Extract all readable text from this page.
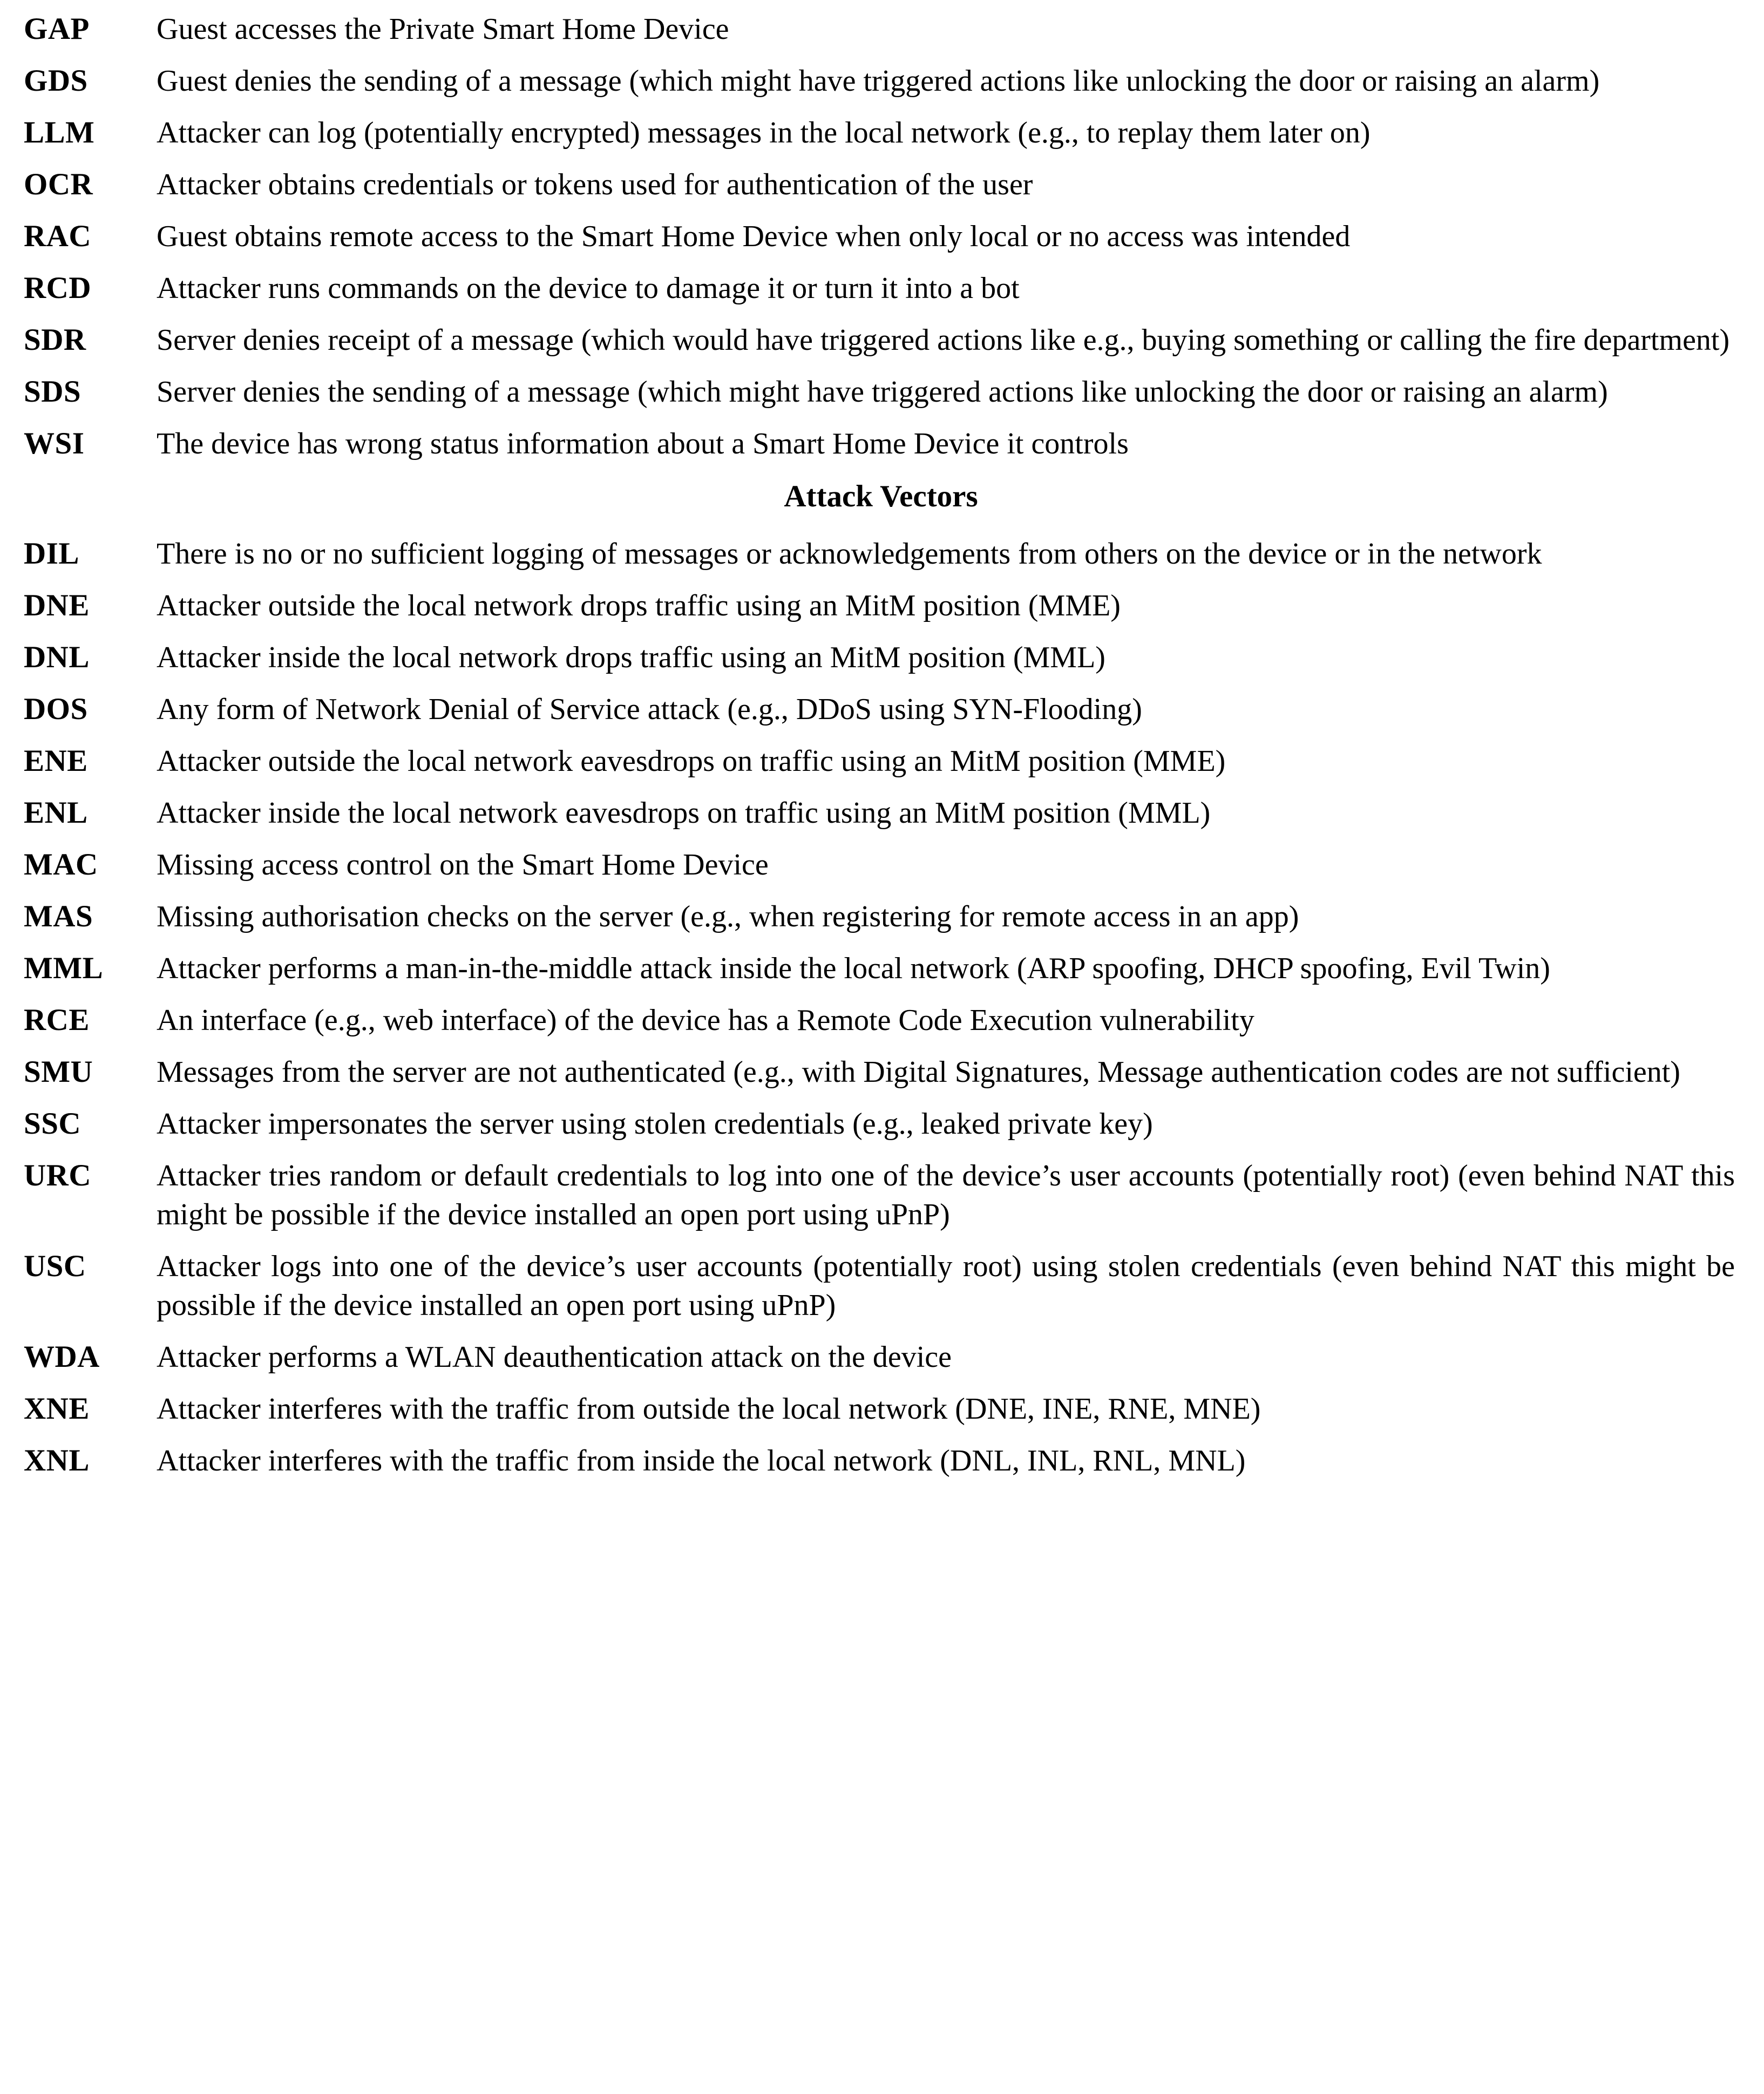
GAP	Guest accesses the Private Smart Home Device
GDS	Guest denies the sending of a message (which might have triggered actions like unlocking the door or raising an alarm)
LLM	Attacker can log (potentially encrypted) messages in the local network (e.g., to replay them later on)
OCR	Attacker obtains credentials or tokens used for authentication of the user
RAC	Guest obtains remote access to the Smart Home Device when only local or no access was intended
RCD	Attacker runs commands on the device to damage it or turn it into a bot
SDR	Server denies receipt of a message (which would have triggered actions like e.g., buying something or calling the fire department)
SDS	Server denies the sending of a message (which might have triggered actions like unlocking the door or raising an alarm)
WSI	The device has wrong status information about a Smart Home Device it controls
Attack Vectors
DIL	There is no or no sufficient logging of messages or acknowledgements from others on the device or in the network
DNE	Attacker outside the local network drops traffic using an MitM position (MME)
DNL	Attacker inside the local network drops traffic using an MitM position (MML)
DOS	Any form of Network Denial of Service attack (e.g., DDoS using SYN-Flooding)
ENE	Attacker outside the local network eavesdrops on traffic using an MitM position (MME)
ENL	Attacker inside the local network eavesdrops on traffic using an MitM position (MML)
MAC	Missing access control on the Smart Home Device
MAS	Missing authorisation checks on the server (e.g., when registering for remote access in an app)
MML	Attacker performs a man-in-the-middle attack inside the local network (ARP spoofing, DHCP spoofing, Evil Twin)
RCE	An interface (e.g., web interface) of the device has a Remote Code Execution vulnerability
SMU	Messages from the server are not authenticated (e.g., with Digital Signatures, Message authentication codes are not sufficient)
SSC	Attacker impersonates the server using stolen credentials (e.g., leaked private key)
URC	Attacker tries random or default credentials to log into one of the device’s user accounts (potentially root) (even behind NAT this might be possible if the device installed an open port using uPnP)
USC	Attacker logs into one of the device’s user accounts (potentially root) using stolen credentials (even behind NAT this might be possible if the device installed an open port using uPnP)
WDA	Attacker performs a WLAN deauthentication attack on the device
XNE	Attacker interferes with the traffic from outside the local network (DNE, INE, RNE, MNE)
XNL	Attacker interferes with the traffic from inside the local network (DNL, INL, RNL, MNL)
